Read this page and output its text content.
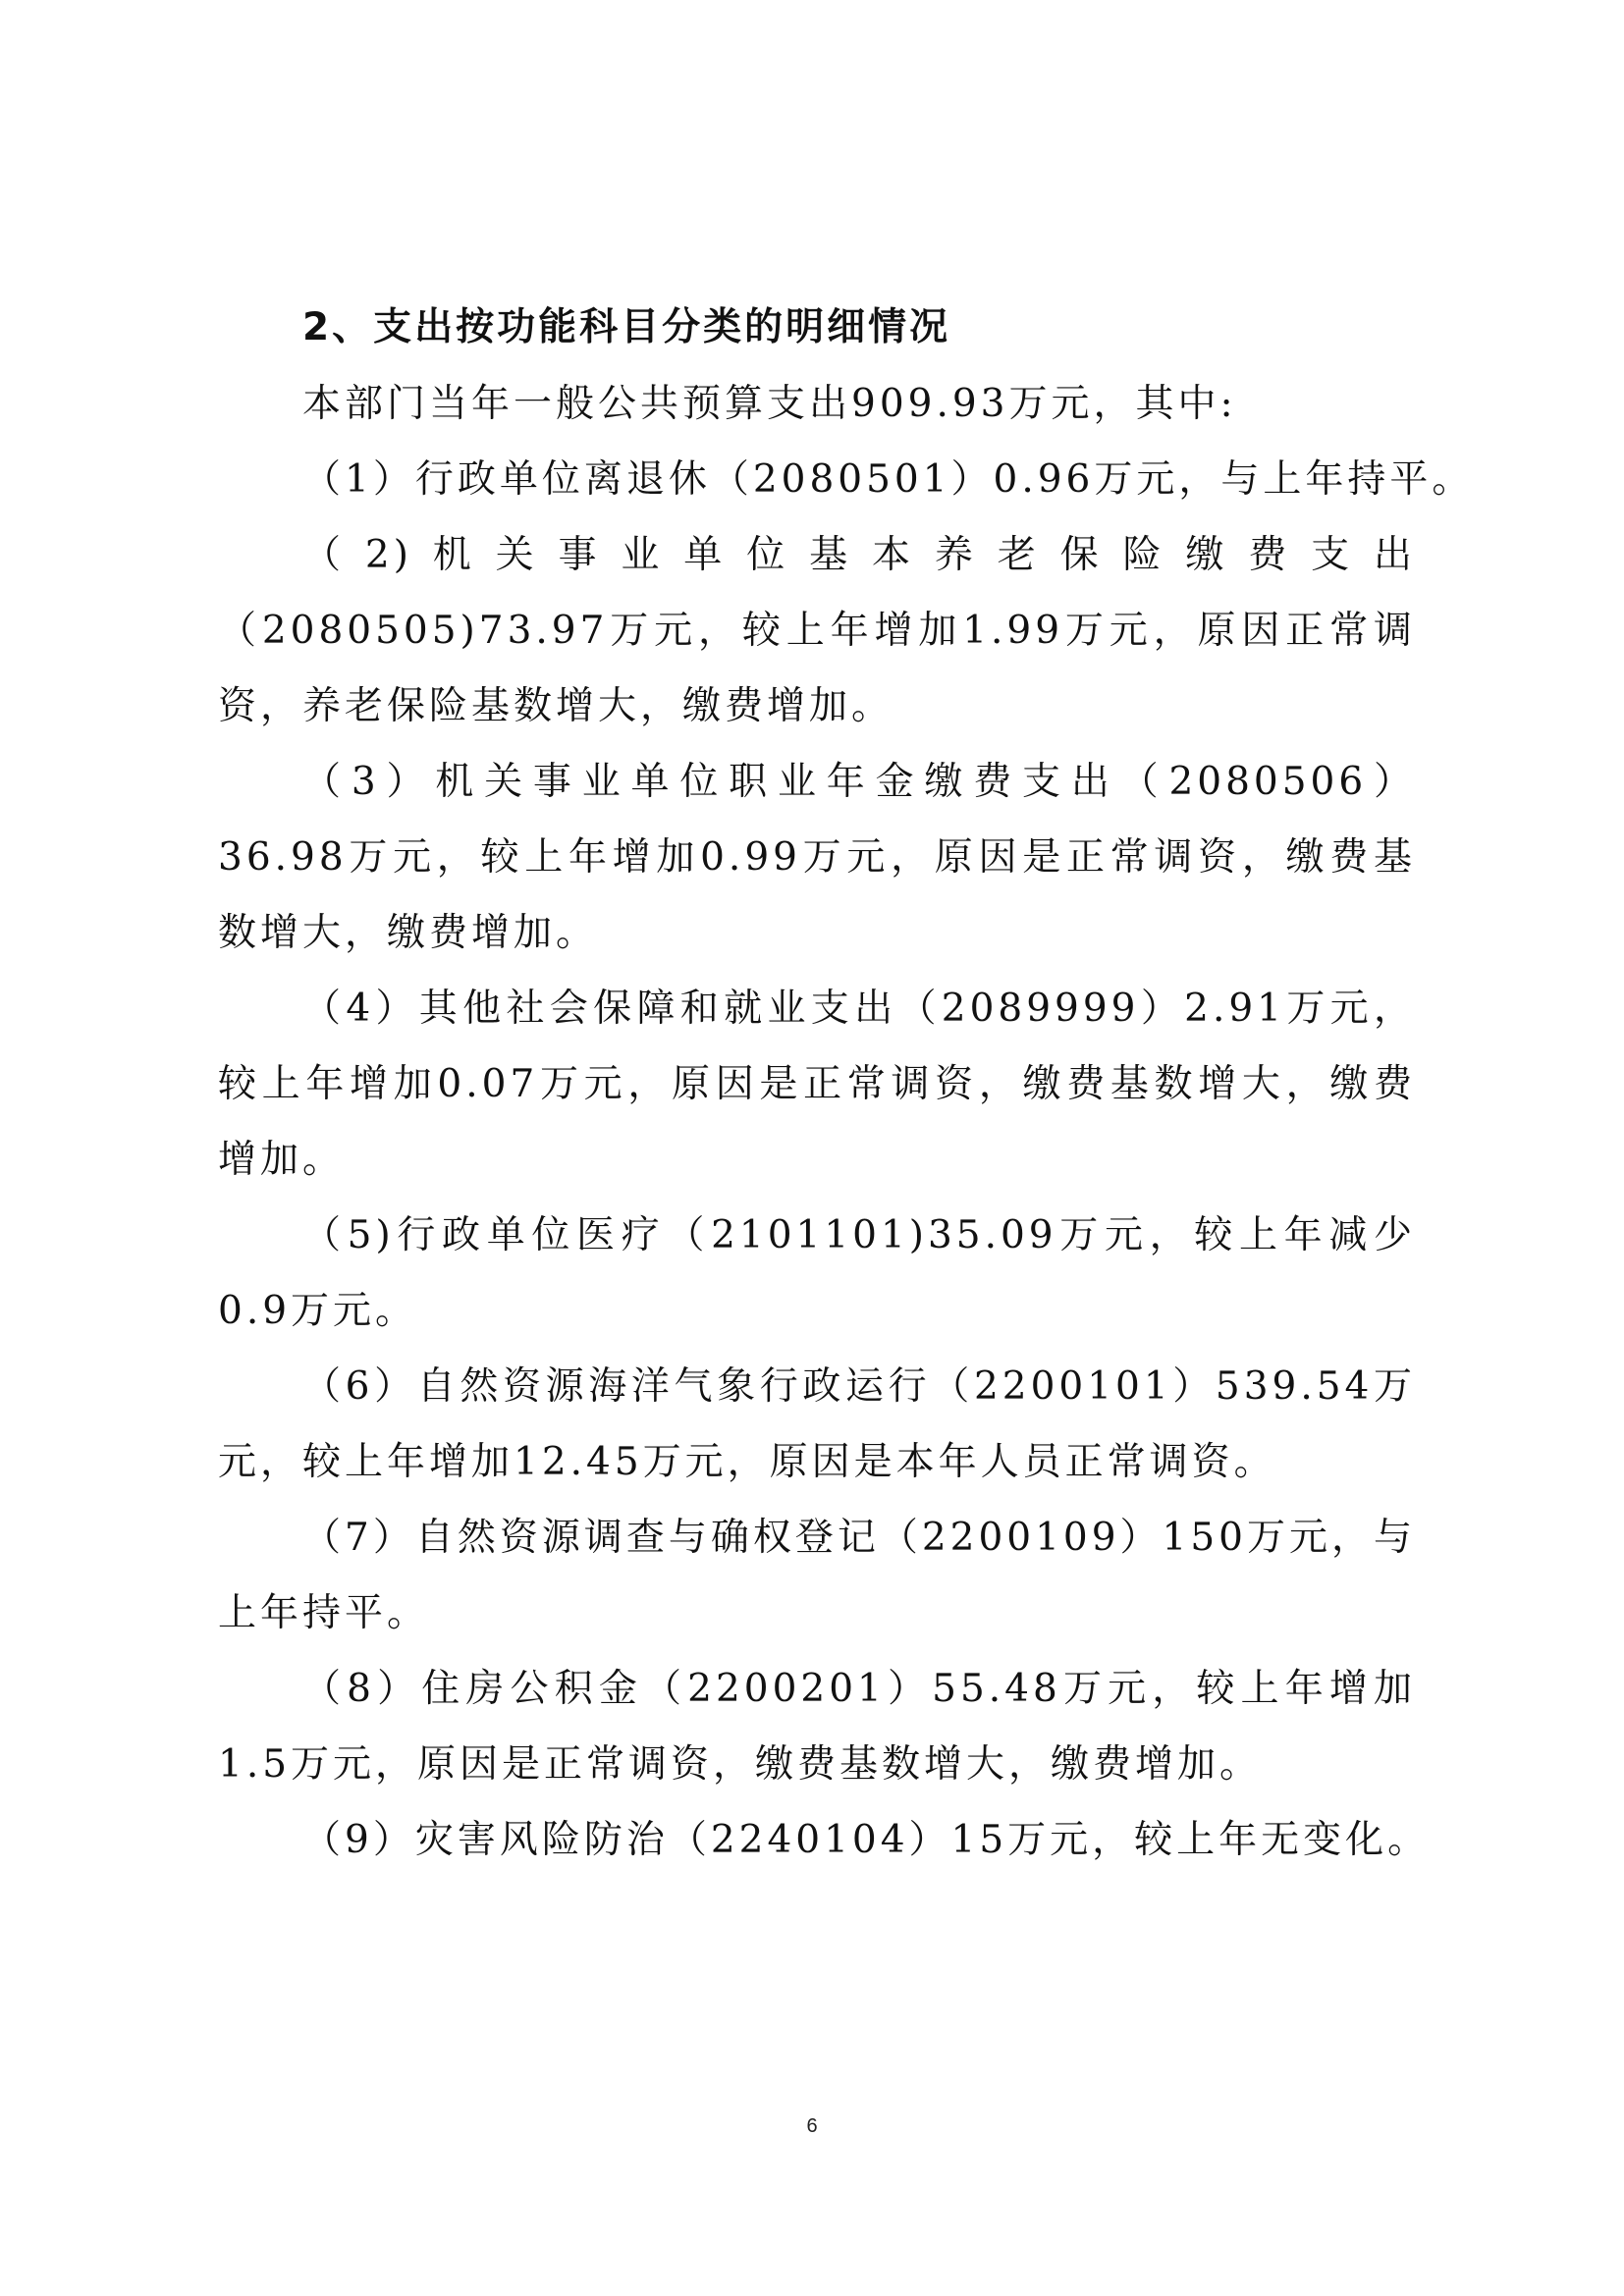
2、支出按功能科目分类的明细情况

本部门当年一般公共预算支出909.93万元，其中:

（1）行政单位离退休（2080501）0.96万元，与上年持平。

（2)机关事业单位基本养老保险缴费支出（2080505)73.97万元，较上年增加1.99万元，原因正常调资，养老保险基数增大，缴费增加。

（3）机关事业单位职业年金缴费支出（2080506）36.98万元，较上年增加0.99万元，原因是正常调资，缴费基数增大，缴费增加。

（4）其他社会保障和就业支出（2089999）2.91万元，较上年增加0.07万元，原因是正常调资，缴费基数增大，缴费增加。

（5)行政单位医疗（2101101)35.09万元，较上年减少0.9万元。

（6）自然资源海洋气象行政运行（2200101）539.54万元，较上年增加12.45万元，原因是本年人员正常调资。

（7）自然资源调查与确权登记（2200109）150万元，与上年持平。

（8）住房公积金（2200201）55.48万元，较上年增加1.5万元，原因是正常调资，缴费基数增大，缴费增加。

（9）灾害风险防治（2240104）15万元，较上年无变化。

6
